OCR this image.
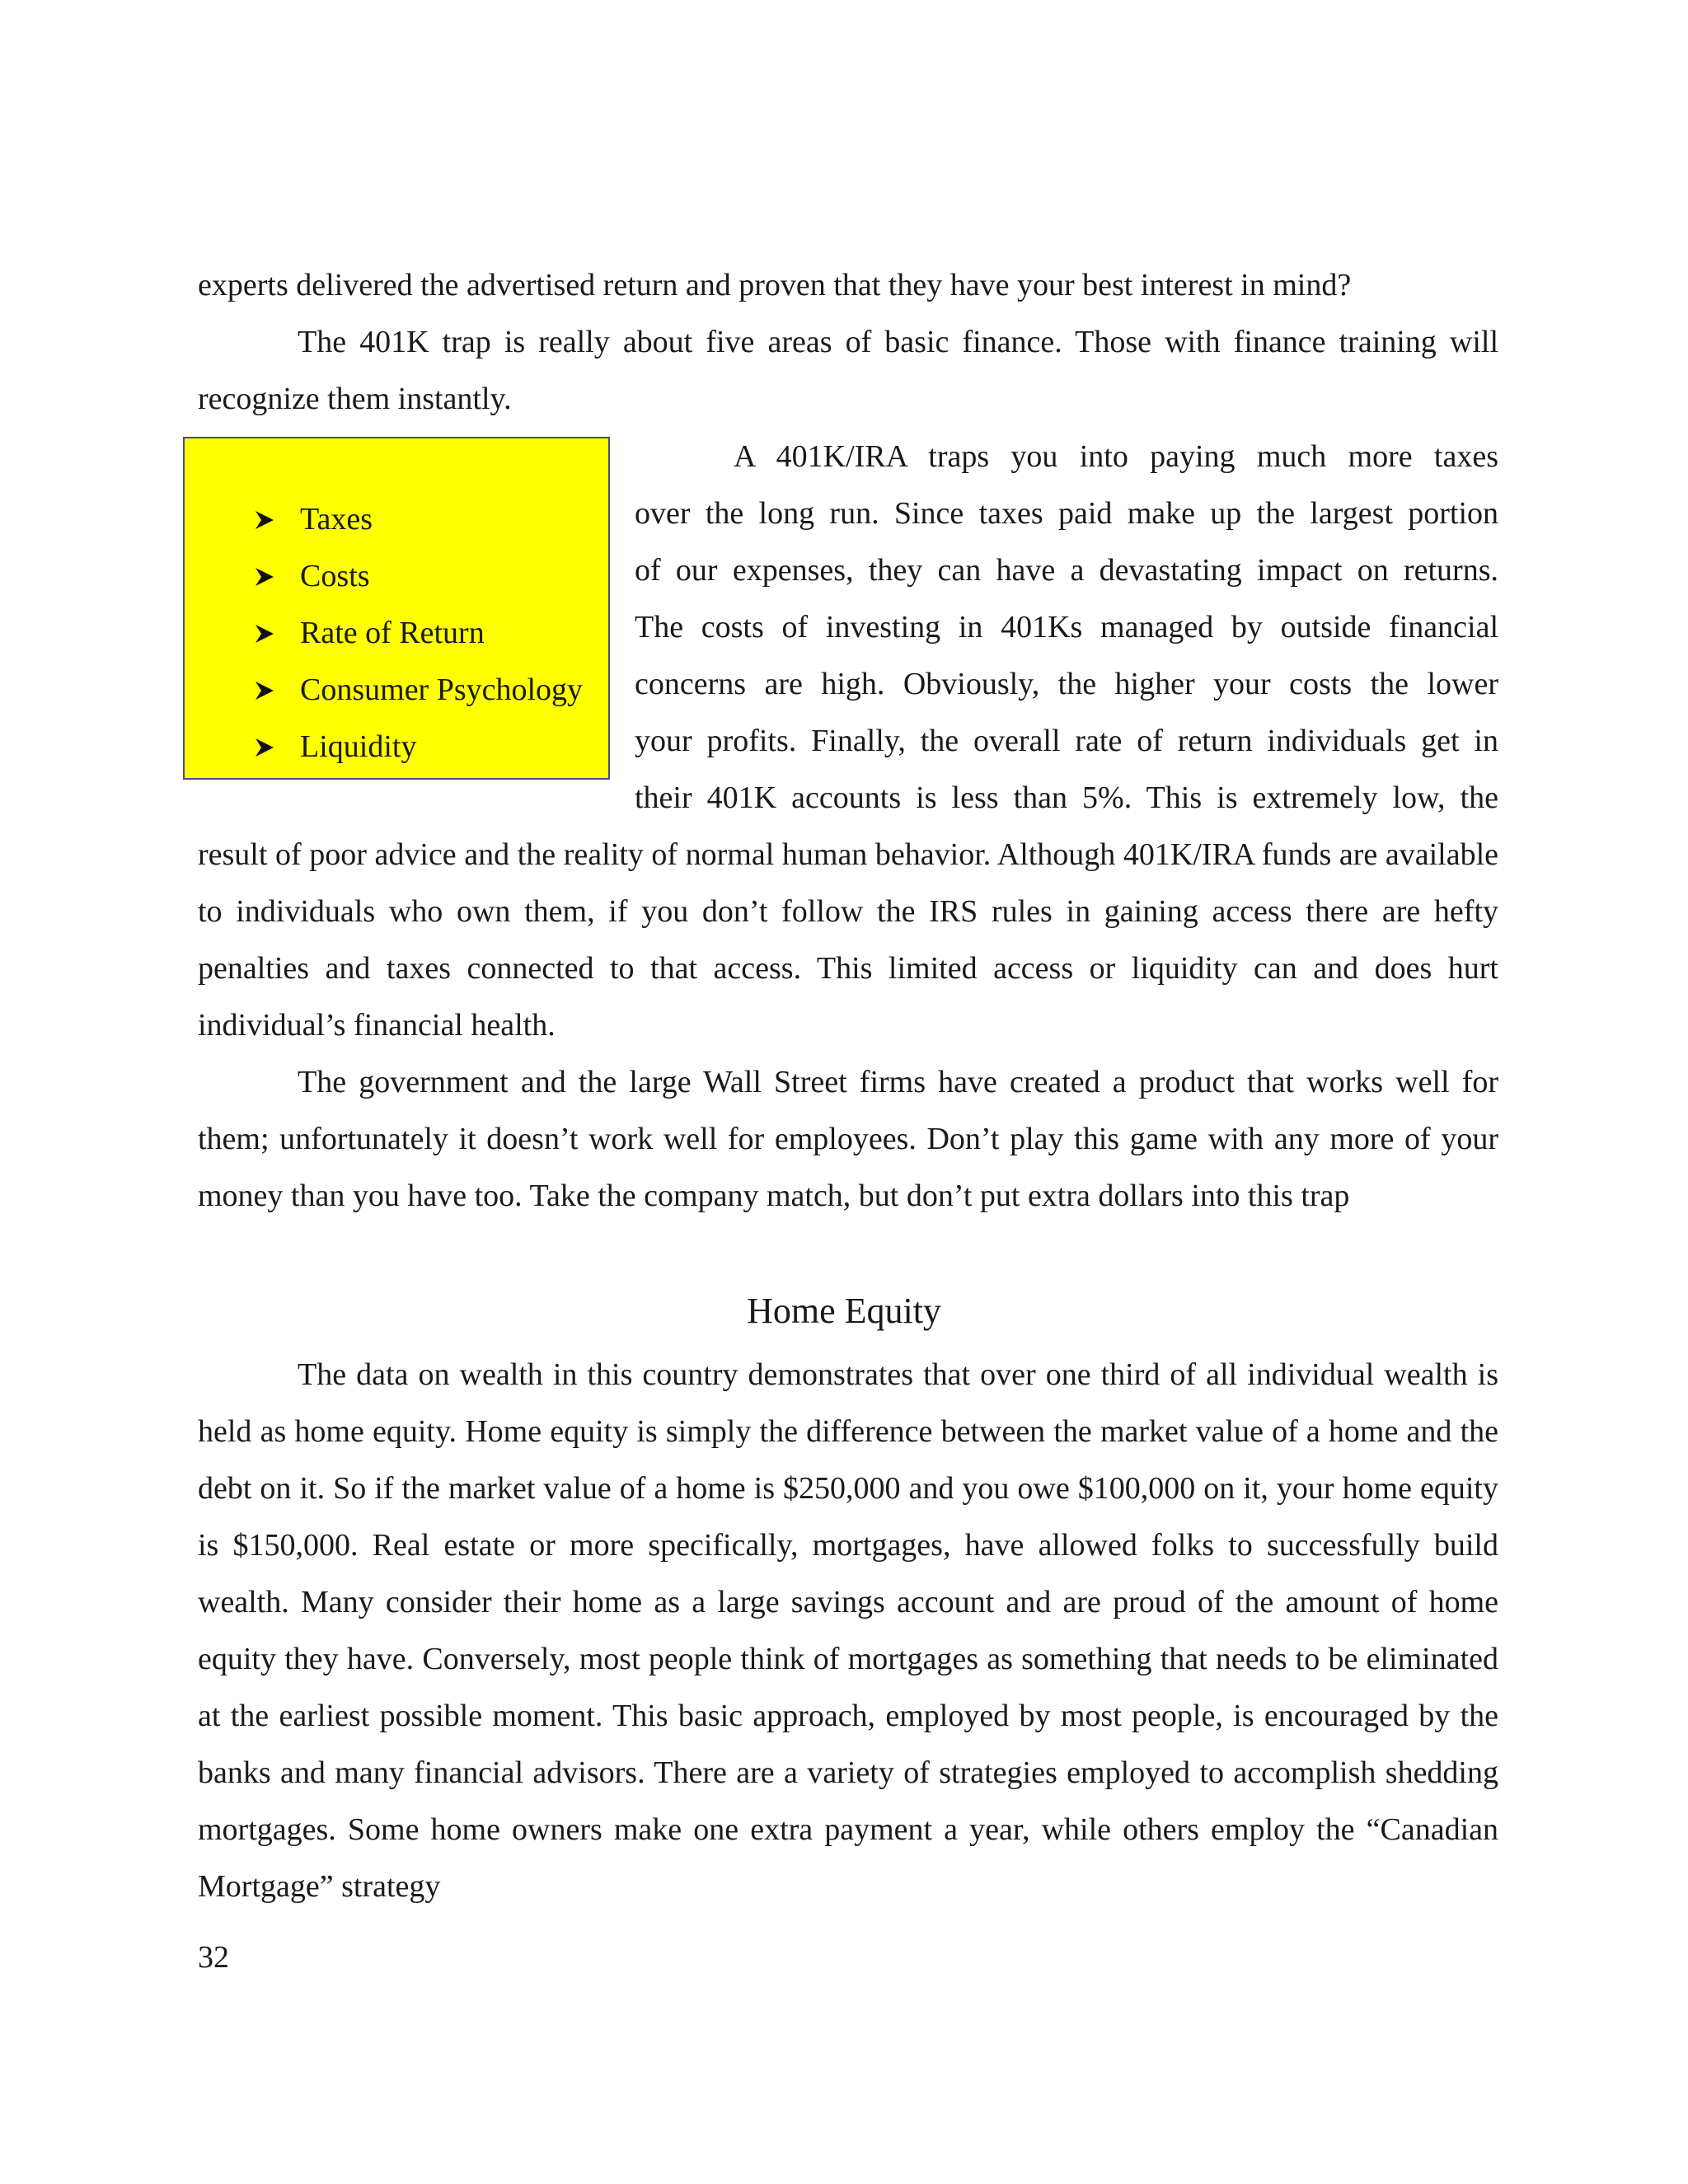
experts delivered the advertised return and proven that they have your best interest in mind?

The 401K trap is really about five areas of basic finance. Those with finance training will recognize them instantly.

Taxes
Costs
Rate of Return
Consumer Psychology
Liquidity
A 401K/IRA traps you into paying much more taxes
over the long run. Since taxes paid make up the largest portion
of our expenses, they can have a devastating impact on returns.
The costs of investing in 401Ks managed by outside financial
concerns are high. Obviously, the higher your costs the lower
your profits. Finally, the overall rate of return individuals get in
their 401K accounts is less than 5%. This is extremely low, the

result of poor advice and the reality of normal human behavior. Although 401K/IRA funds are available to individuals who own them, if you don’t follow the IRS rules in gaining access there are hefty penalties and taxes connected to that access. This limited access or liquidity can and does hurt individual’s financial health.

The government and the large Wall Street firms have created a product that works well for them; unfortunately it doesn’t work well for employees. Don’t play this game with any more of your money than you have too. Take the company match, but don’t put extra dollars into this trap

Home Equity

The data on wealth in this country demonstrates that over one third of all individual wealth is held as home equity. Home equity is simply the difference between the market value of a home and the debt on it. So if the market value of a home is $250,000 and you owe $100,000 on it, your home equity is $150,000. Real estate or more specifically, mortgages, have allowed folks to successfully build wealth. Many consider their home as a large savings account and are proud of the amount of home equity they have. Conversely, most people think of mortgages as something that needs to be eliminated at the earliest possible moment. This basic approach, employed by most people, is encouraged by the banks and many financial advisors. There are a variety of strategies employed to accomplish shedding mortgages. Some home owners make one extra payment a year, while others employ the “Canadian Mortgage” strategy

32
